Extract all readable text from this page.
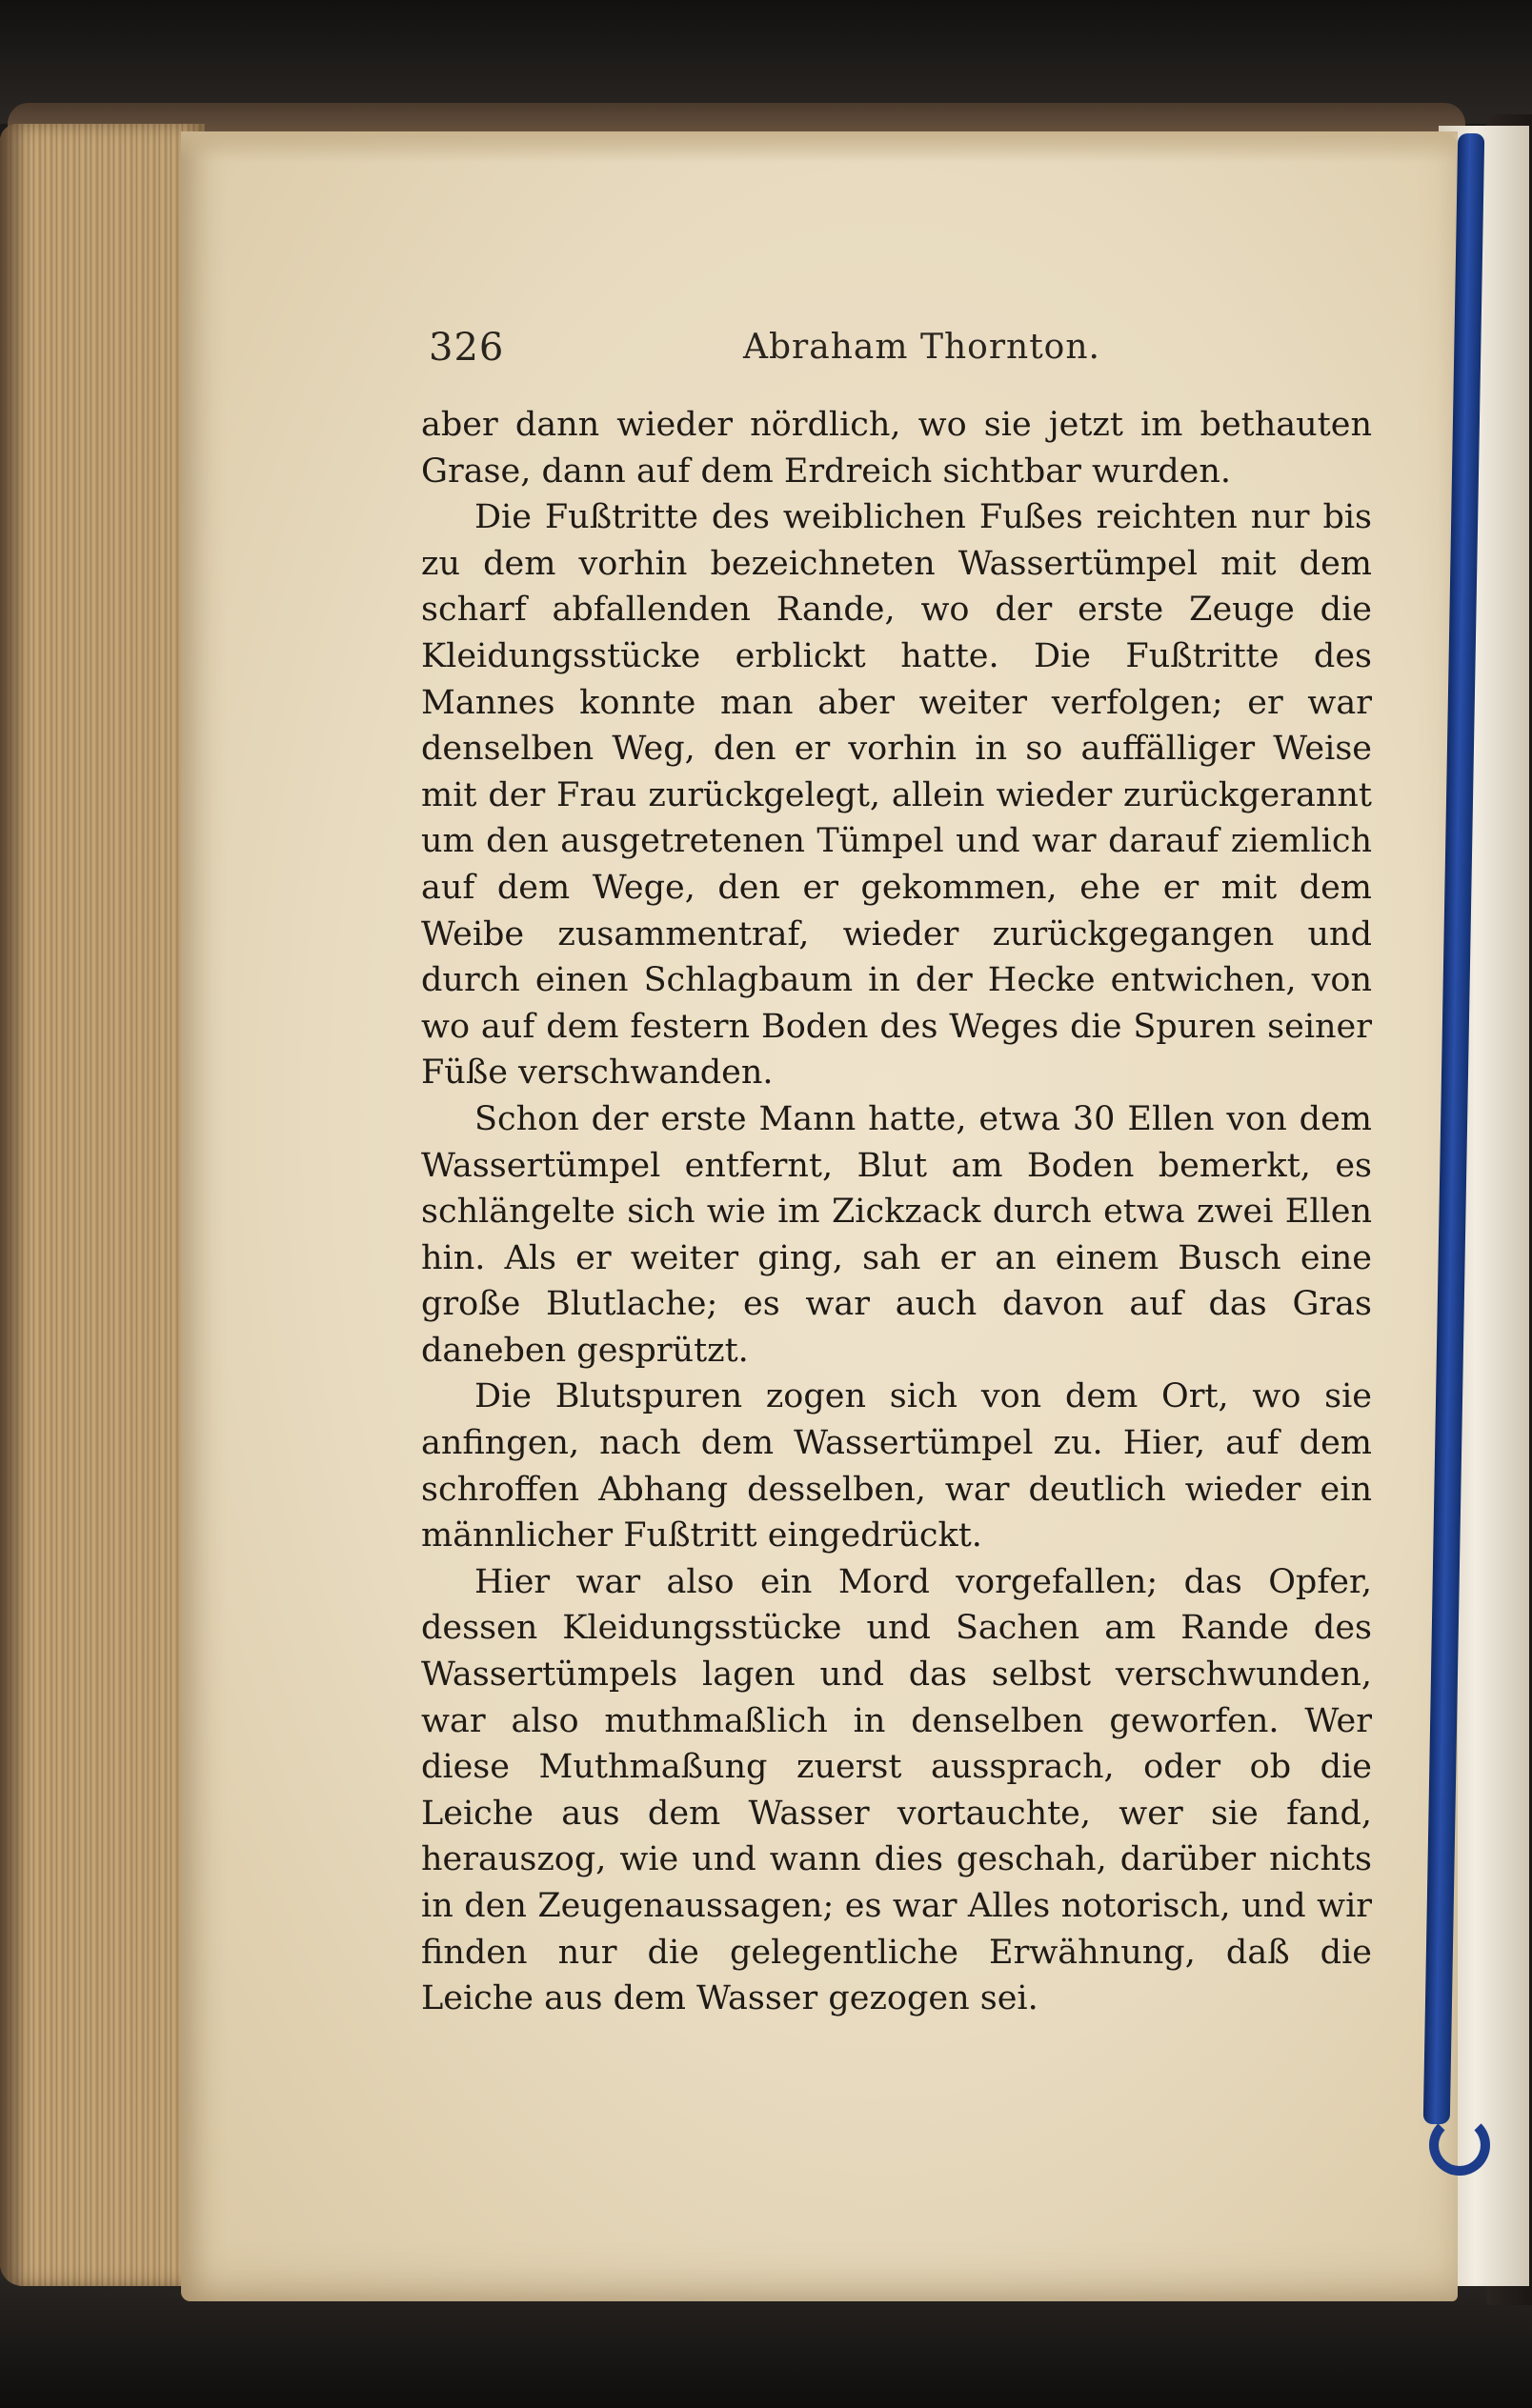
326	Abraham Thornton.

aber dann wieder nördlich, wo sie jetzt im bethauten Grase, dann auf dem Erdreich sichtbar wurden.

Die Fußtritte des weiblichen Fußes reichten nur bis zu dem vorhin bezeichneten Wassertümpel mit dem scharf abfallenden Rande, wo der erste Zeuge die Kleidungsstücke erblickt hatte. Die Fußtritte des Mannes konnte man aber weiter verfolgen; er war denselben Weg, den er vorhin in so auffälliger Weise mit der Frau zurückgelegt, allein wieder zurückgerannt um den ausgetretenen Tümpel und war darauf ziemlich auf dem Wege, den er gekommen, ehe er mit dem Weibe zusammentraf, wieder zurückgegangen und durch einen Schlagbaum in der Hecke entwichen, von wo auf dem festern Boden des Weges die Spuren seiner Füße verschwanden.

Schon der erste Mann hatte, etwa 30 Ellen von dem Wassertümpel entfernt, Blut am Boden bemerkt, es schlängelte sich wie im Zickzack durch etwa zwei Ellen hin. Als er weiter ging, sah er an einem Busch eine große Blutlache; es war auch davon auf das Gras daneben gesprützt.

Die Blutspuren zogen sich von dem Ort, wo sie anfingen, nach dem Wassertümpel zu. Hier, auf dem schroffen Abhang desselben, war deutlich wieder ein männlicher Fußtritt eingedrückt.

Hier war also ein Mord vorgefallen; das Opfer, dessen Kleidungsstücke und Sachen am Rande des Wassertümpels lagen und das selbst verschwunden, war also muthmaßlich in denselben geworfen. Wer diese Muthmaßung zuerst aussprach, oder ob die Leiche aus dem Wasser vortauchte, wer sie fand, herauszog, wie und wann dies geschah, darüber nichts in den Zeugenaussagen; es war Alles notorisch, und wir finden nur die gelegentliche Erwähnung, daß die Leiche aus dem Wasser gezogen sei.
